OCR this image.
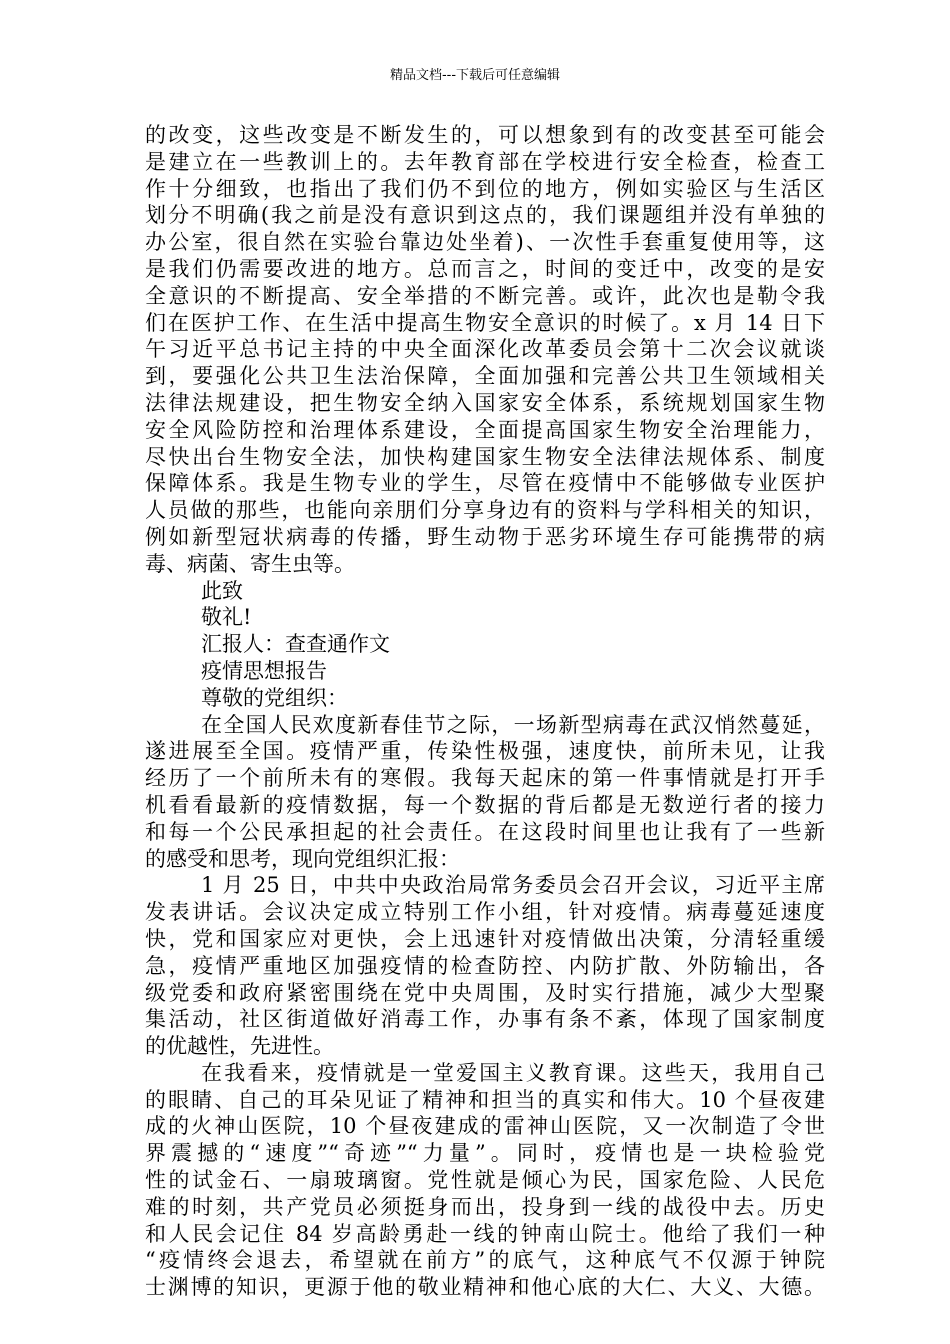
精品文档---下载后可任意编辑
的改变，这些改变是不断发生的，可以想象到有的改变甚至可能会
是建立在一些教训上的。去年教育部在学校进行安全检查，检查工
作十分细致，也指出了我们仍不到位的地方，例如实验区与生活区
划分不明确(我之前是没有意识到这点的，我们课题组并没有单独的
办公室，很自然在实验台靠边处坐着)、一次性手套重复使用等，这
是我们仍需要改进的地方。总而言之，时间的变迁中，改变的是安
全意识的不断提高、安全举措的不断完善。或许，此次也是勒令我
们在医护工作、在生活中提高生物安全意识的时候了。x 月 14 日下
午习近平总书记主持的中央全面深化改革委员会第十二次会议就谈
到，要强化公共卫生法治保障，全面加强和完善公共卫生领域相关
法律法规建设，把生物安全纳入国家安全体系，系统规划国家生物
安全风险防控和治理体系建设，全面提高国家生物安全治理能力，
尽快出台生物安全法，加快构建国家生物安全法律法规体系、制度
保障体系。我是生物专业的学生，尽管在疫情中不能够做专业医护
人员做的那些，也能向亲朋们分享身边有的资料与学科相关的知识，
例如新型冠状病毒的传播，野生动物于恶劣环境生存可能携带的病
毒、病菌、寄生虫等。
此致
敬礼!
汇报人：查查通作文
疫情思想报告
尊敬的党组织：
在全国人民欢度新春佳节之际，一场新型病毒在武汉悄然蔓延，
遂进展至全国。疫情严重，传染性极强，速度快，前所未见，让我
经历了一个前所未有的寒假。我每天起床的第一件事情就是打开手
机看看最新的疫情数据，每一个数据的背后都是无数逆行者的接力
和每一个公民承担起的社会责任。在这段时间里也让我有了一些新
的感受和思考，现向党组织汇报：
1 月 25 日，中共中央政治局常务委员会召开会议，习近平主席
发表讲话。会议决定成立特别工作小组，针对疫情。病毒蔓延速度
快，党和国家应对更快，会上迅速针对疫情做出决策，分清轻重缓
急，疫情严重地区加强疫情的检查防控、内防扩散、外防输出，各
级党委和政府紧密围绕在党中央周围，及时实行措施，减少大型聚
集活动，社区街道做好消毒工作，办事有条不紊，体现了国家制度
的优越性，先进性。
在我看来，疫情就是一堂爱国主义教育课。这些天，我用自己
的眼睛、自己的耳朵见证了精神和担当的真实和伟大。10 个昼夜建
成的火神山医院，10 个昼夜建成的雷神山医院，又一次制造了令世
界震撼的“速度”“奇迹”“力量”。同时，疫情也是一块检验党
性的试金石、一扇玻璃窗。党性就是倾心为民，国家危险、人民危
难的时刻，共产党员必须挺身而出，投身到一线的战役中去。历史
和人民会记住 84 岁高龄勇赴一线的钟南山院士。他给了我们一种
“疫情终会退去，希望就在前方”的底气，这种底气不仅源于钟院
士渊博的知识，更源于他的敬业精神和他心底的大仁、大义、大德。
